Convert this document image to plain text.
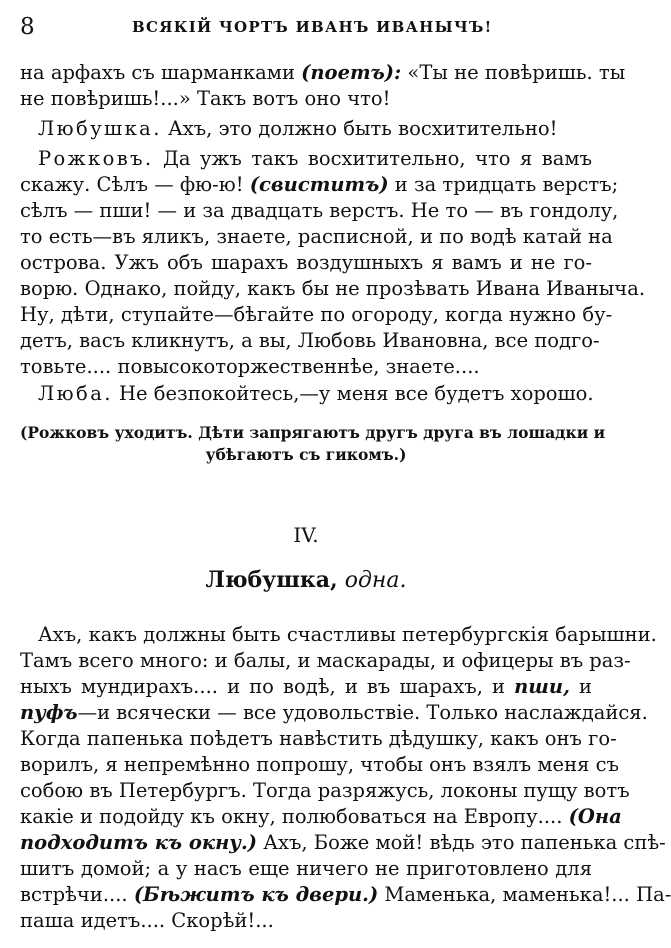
8	ВСЯКІЙ ЧОРТЪ ИВАНЪ ИВАНЫЧЪ!
на арфахъ съ шарманками (поетъ): «Ты не повѣришь. ты
не повѣришь!...» Такъ вотъ оно что!
Любушка. Ахъ, это должно быть восхитительно!
Рожковъ. Да ужъ такъ восхитительно, что я вамъ
скажу. Сѣлъ — фю-ю! (свиститъ) и за тридцать верстъ;
сѣлъ — пши! — и за двадцать верстъ. Не то — въ гондолу,
то есть—въ яликъ, знаете, расписной, и по водѣ катай на
острова. Ужъ объ шарахъ воздушныхъ я вамъ и не го-
ворю. Однако, пойду, какъ бы не прозѣвать Ивана Иваныча.
Ну, дѣти, ступайте—бѣгайте по огороду, когда нужно бу-
детъ, васъ кликнутъ, а вы, Любовь Ивановна, все подго-
товьте.... повысокоторжественнѣе, знаете....
Люба. Не безпокойтесь,—у меня все будетъ хорошо.
(Рожковъ уходитъ. Дѣти запрягаютъ другъ друга въ лошадки и
убѣгаютъ съ гикомъ.)
IV.
Любушка, одна.
Ахъ, какъ должны быть счастливы петербургскія барышни.
Тамъ всего много: и балы, и маскарады, и офицеры въ раз-
ныхъ мундирахъ.... и по водѣ, и въ шарахъ, и пши, и
пуфъ—и всячески — все удовольствіе. Только наслаждайся.
Когда папенька поѣдетъ навѣстить дѣдушку, какъ онъ го-
ворилъ, я непремѣнно попрошу, чтобы онъ взялъ меня съ
собою въ Петербургъ. Тогда разряжусь, локоны пущу вотъ
какіе и подойду къ окну, полюбоваться на Европу.... (Она
подходитъ къ окну.) Ахъ, Боже мой! вѣдь это папенька спѣ-
шитъ домой; а у насъ еще ничего не приготовлено для
встрѣчи.... (Бѣжитъ къ двери.) Маменька, маменька!... Па-
паша идетъ.... Скорѣй!...
